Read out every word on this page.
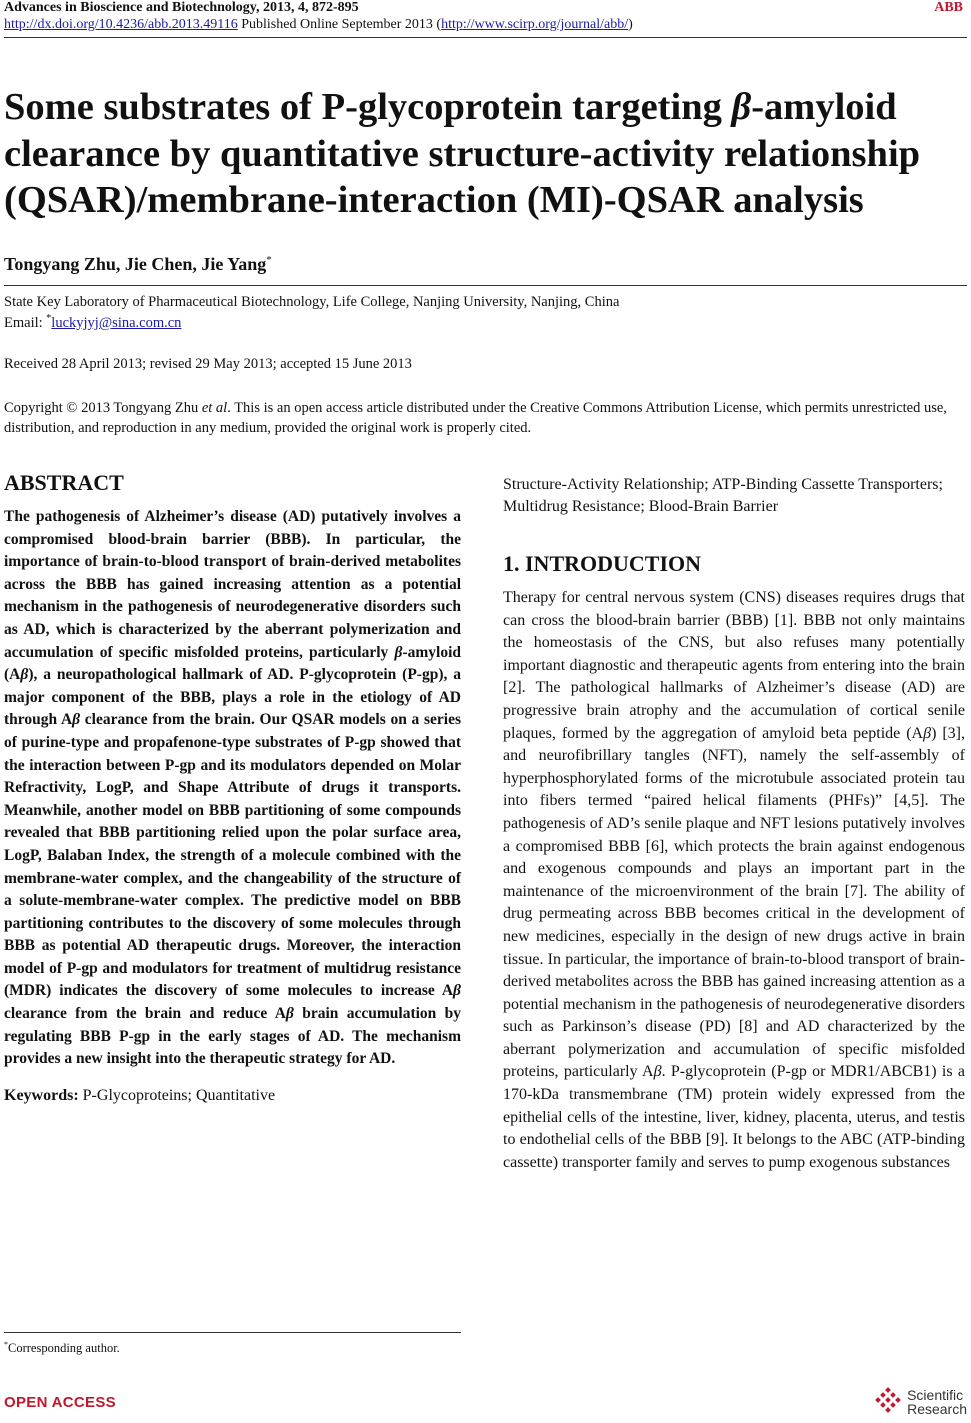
Advances in Bioscience and Biotechnology, 2013, 4, 872-895	ABB
http://dx.doi.org/10.4236/abb.2013.49116 Published Online September 2013 (http://www.scirp.org/journal/abb/)
Some substrates of P-glycoprotein targeting β-amyloid clearance by quantitative structure-activity relationship (QSAR)/membrane-interaction (MI)-QSAR analysis
Tongyang Zhu, Jie Chen, Jie Yang*
State Key Laboratory of Pharmaceutical Biotechnology, Life College, Nanjing University, Nanjing, China
Email: *luckyjyj@sina.com.cn
Received 28 April 2013; revised 29 May 2013; accepted 15 June 2013
Copyright © 2013 Tongyang Zhu et al. This is an open access article distributed under the Creative Commons Attribution License, which permits unrestricted use, distribution, and reproduction in any medium, provided the original work is properly cited.
ABSTRACT

The pathogenesis of Alzheimer’s disease (AD) putatively involves a compromised blood-brain barrier (BBB). In particular, the importance of brain-to-blood transport of brain-derived metabolites across the BBB has gained increasing attention as a potential mechanism in the pathogenesis of neurodegenerative disorders such as AD, which is characterized by the aberrant polymerization and accumulation of specific misfolded proteins, particularly β-amyloid (Aβ), a neuropathological hallmark of AD. P-glycoprotein (P-gp), a major component of the BBB, plays a role in the etiology of AD through Aβ clearance from the brain. Our QSAR models on a series of purine-type and propafenone-type substrates of P-gp showed that the interaction between P-gp and its modulators depended on Molar Refractivity, LogP, and Shape Attribute of drugs it transports. Meanwhile, another model on BBB partitioning of some compounds revealed that BBB partitioning relied upon the polar surface area, LogP, Balaban Index, the strength of a molecule combined with the membrane-water complex, and the changeability of the structure of a solute-membrane-water complex. The predictive model on BBB partitioning contributes to the discovery of some molecules through BBB as potential AD therapeutic drugs. Moreover, the interaction model of P-gp and modulators for treatment of multidrug resistance (MDR) indicates the discovery of some molecules to increase Aβ clearance from the brain and reduce Aβ brain accumulation by regulating BBB P-gp in the early stages of AD. The mechanism provides a new insight into the therapeutic strategy for AD.

Keywords: P-Glycoproteins; Quantitative
*Corresponding author.

Structure-Activity Relationship; ATP-Binding Cassette Transporters; Multidrug Resistance; Blood-Brain Barrier

1. INTRODUCTION

Therapy for central nervous system (CNS) diseases requires drugs that can cross the blood-brain barrier (BBB) [1]. BBB not only maintains the homeostasis of the CNS, but also refuses many potentially important diagnostic and therapeutic agents from entering into the brain [2]. The pathological hallmarks of Alzheimer’s disease (AD) are progressive brain atrophy and the accumulation of cortical senile plaques, formed by the aggregation of amyloid beta peptide (Aβ) [3], and neurofibrillary tangles (NFT), namely the self-assembly of hyperphosphorylated forms of the microtubule associated protein tau into fibers termed “paired helical filaments (PHFs)” [4,5]. The pathogenesis of AD’s senile plaque and NFT lesions putatively involves a compromised BBB [6], which protects the brain against endogenous and exogenous compounds and plays an important part in the maintenance of the microenvironment of the brain [7]. The ability of drug permeating across BBB becomes critical in the development of new medicines, especially in the design of new drugs active in brain tissue. In particular, the importance of brain-to-blood transport of brain-derived metabolites across the BBB has gained increasing attention as a potential mechanism in the pathogenesis of neurodegenerative disorders such as Parkinson’s disease (PD) [8] and AD characterized by the aberrant polymerization and accumulation of specific misfolded proteins, particularly Aβ. P-glycoprotein (P-gp or MDR1/ABCB1) is a 170-kDa transmembrane (TM) protein widely expressed from the epithelial cells of the intestine, liver, kidney, placenta, uterus, and testis to endothelial cells of the BBB [9]. It belongs to the ABC (ATP-binding cassette) transporter family and serves to pump exogenous substances

OPEN ACCESS	Scientific
Research
